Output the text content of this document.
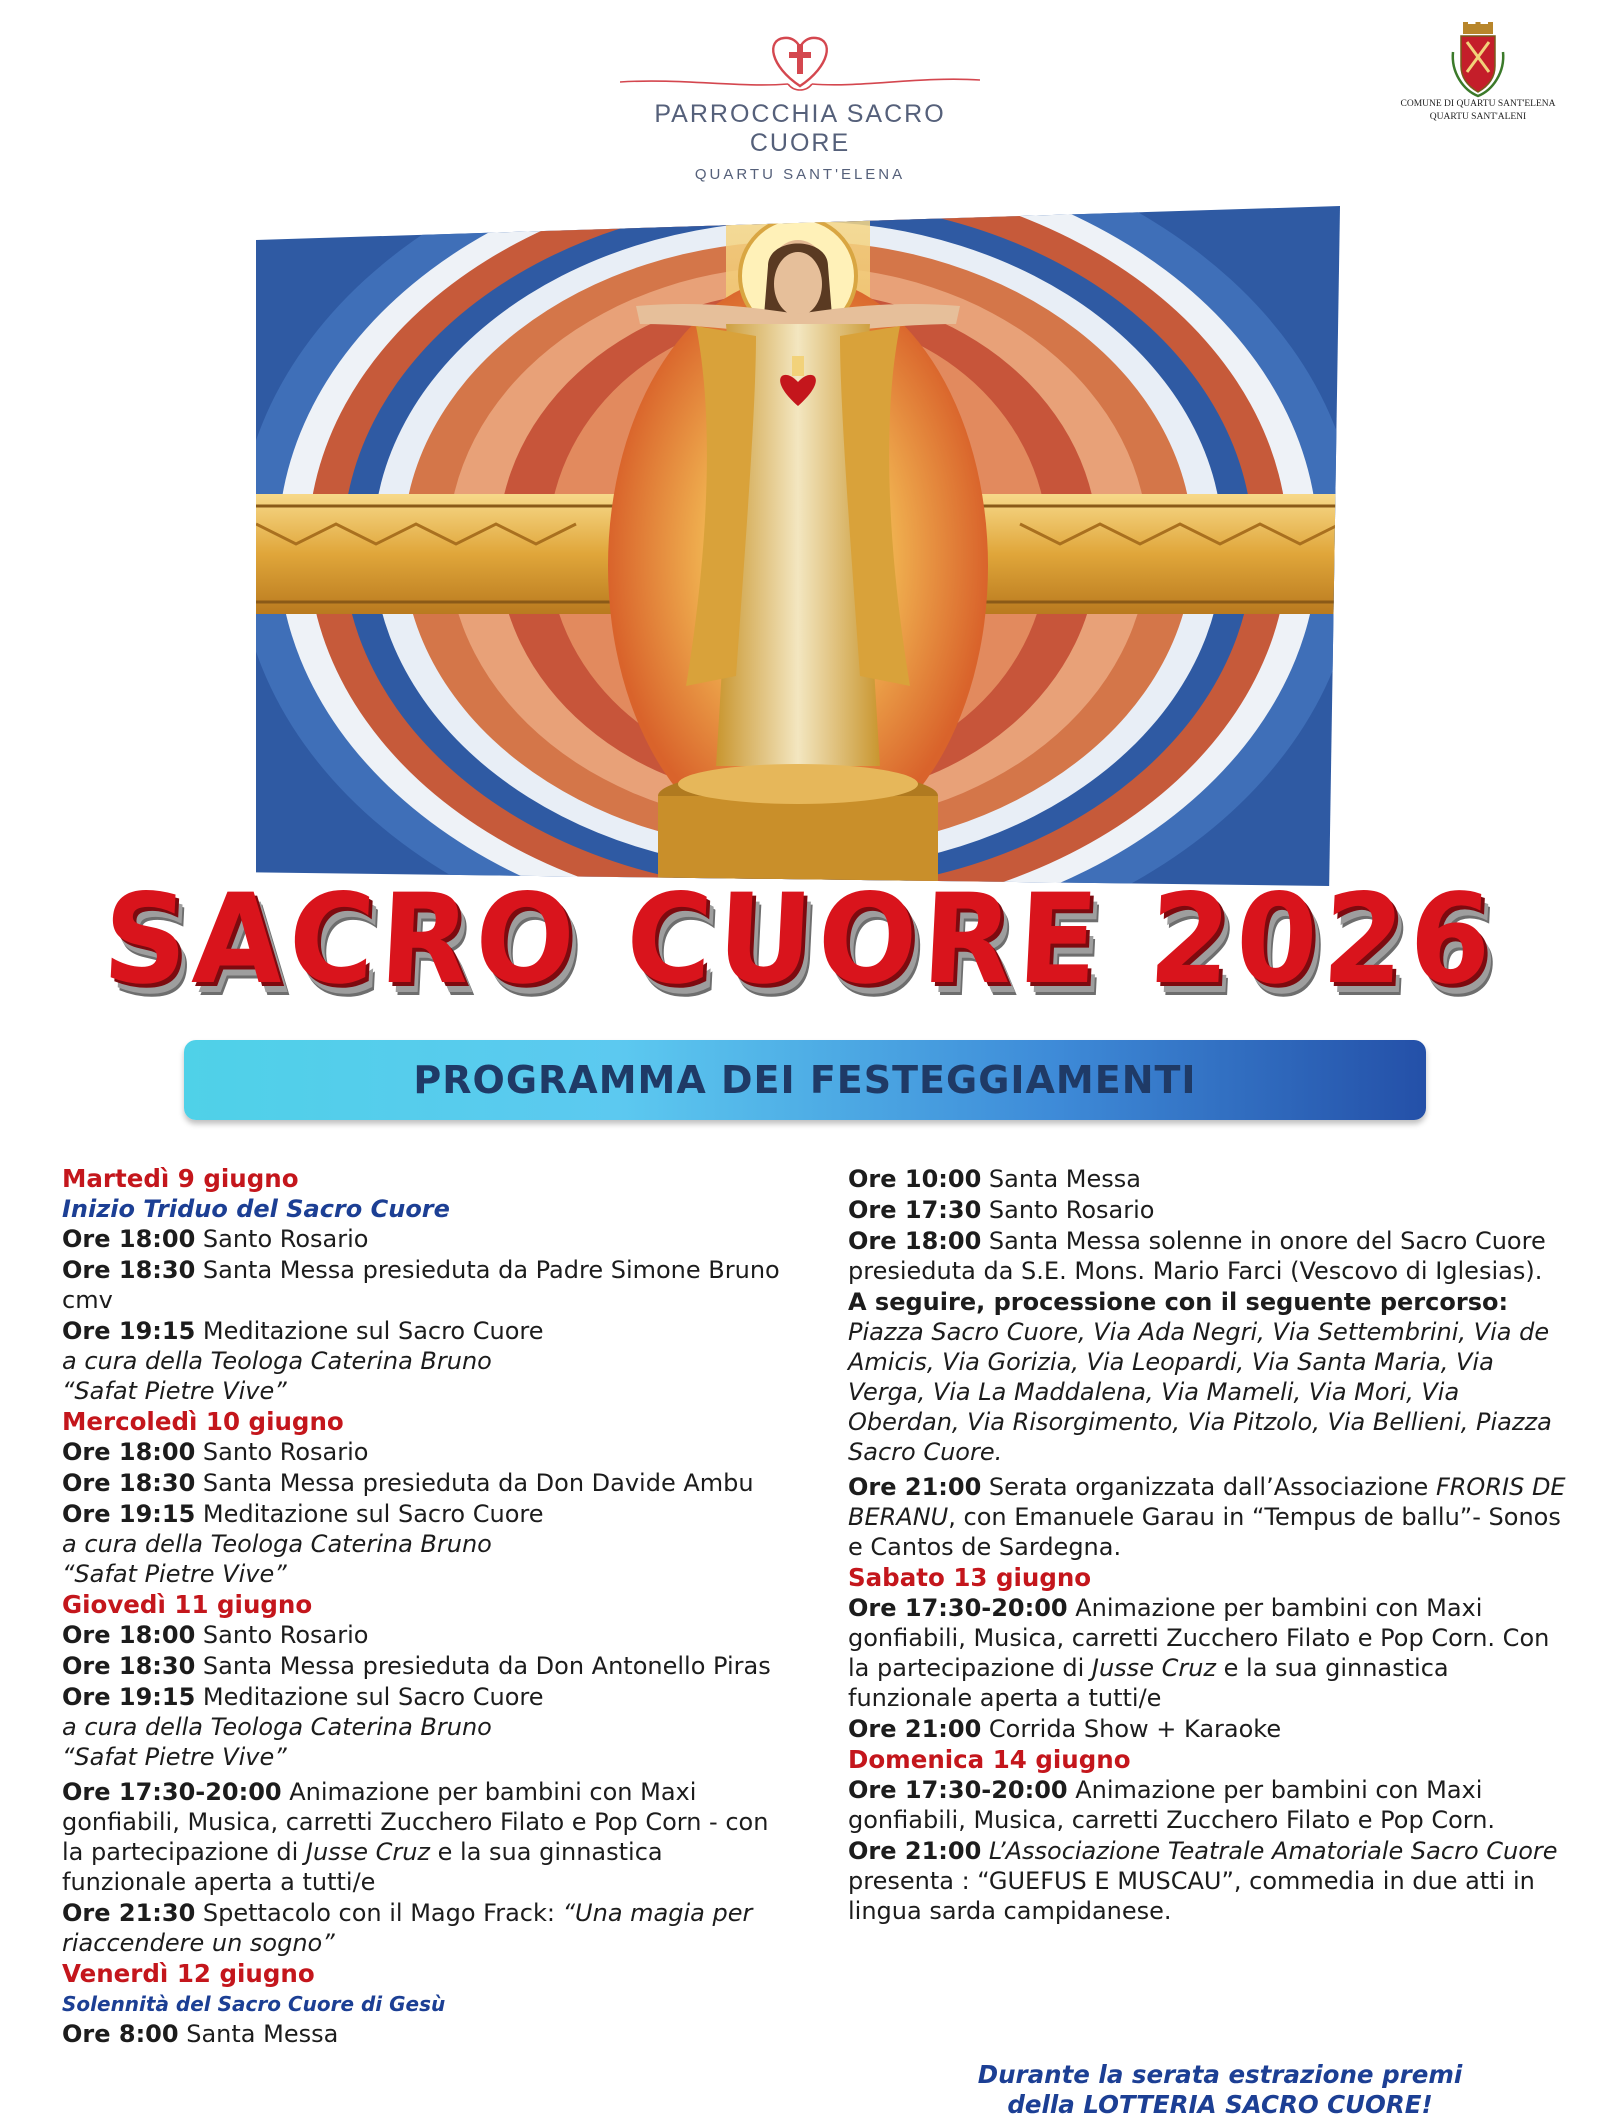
PARROCCHIA SACRO CUORE
QUARTU SANT'ELENA
COMUNE DI QUARTU SANT'ELENA
QUARTU SANT'ALENI
SACRO CUORE 2026
PROGRAMMA DEI FESTEGGIAMENTI
Martedì 9 giugno
Inizio Triduo del Sacro Cuore
Ore 18:00 Santo Rosario
Ore 18:30 Santa Messa presieduta da Padre Simone Bruno cmv
Ore 19:15 Meditazione sul Sacro Cuore
a cura della Teologa Caterina Bruno
“Safat Pietre Vive”
Mercoledì 10 giugno
Ore 18:00 Santo Rosario
Ore 18:30 Santa Messa presieduta da Don Davide Ambu
Ore 19:15 Meditazione sul Sacro Cuore
a cura della Teologa Caterina Bruno
“Safat Pietre Vive”
Giovedì 11 giugno
Ore 18:00 Santo Rosario
Ore 18:30 Santa Messa presieduta da Don Antonello Piras
Ore 19:15 Meditazione sul Sacro Cuore
a cura della Teologa Caterina Bruno
“Safat Pietre Vive”
Ore 17:30-20:00 Animazione per bambini con Maxi gonfiabili, Musica, carretti Zucchero Filato e Pop Corn - con la partecipazione di Jusse Cruz e la sua ginnastica funzionale aperta a tutti/e
Ore 21:30 Spettacolo con il Mago Frack: “Una magia per riaccendere un sogno”
Venerdì 12 giugno
Solennità del Sacro Cuore di Gesù
Ore 8:00 Santa Messa
Ore 10:00 Santa Messa
Ore 17:30 Santo Rosario
Ore 18:00 Santa Messa solenne in onore del Sacro Cuore presieduta da S.E. Mons. Mario Farci (Vescovo di Iglesias).
A seguire, processione con il seguente percorso: Piazza Sacro Cuore, Via Ada Negri, Via Settembrini, Via de Amicis, Via Gorizia, Via Leopardi, Via Santa Maria, Via Verga, Via La Maddalena, Via Mameli, Via Mori, Via Oberdan, Via Risorgimento, Via Pitzolo, Via Bellieni, Piazza Sacro Cuore.
Ore 21:00 Serata organizzata dall’Associazione FRORIS DE BERANU, con Emanuele Garau in “Tempus de ballu”- Sonos e Cantos de Sardegna.
Sabato 13 giugno
Ore 17:30-20:00 Animazione per bambini con Maxi gonfiabili, Musica, carretti Zucchero Filato e Pop Corn. Con la partecipazione di Jusse Cruz e la sua ginnastica funzionale aperta a tutti/e
Ore 21:00 Corrida Show + Karaoke
Domenica 14 giugno
Ore 17:30-20:00 Animazione per bambini con Maxi gonfiabili, Musica, carretti Zucchero Filato e Pop Corn.
Ore 21:00 L’Associazione Teatrale Amatoriale Sacro Cuore presenta : “GUEFUS E MUSCAU”, commedia in due atti in lingua sarda campidanese.
Durante la serata estrazione premi
della LOTTERIA SACRO CUORE!
